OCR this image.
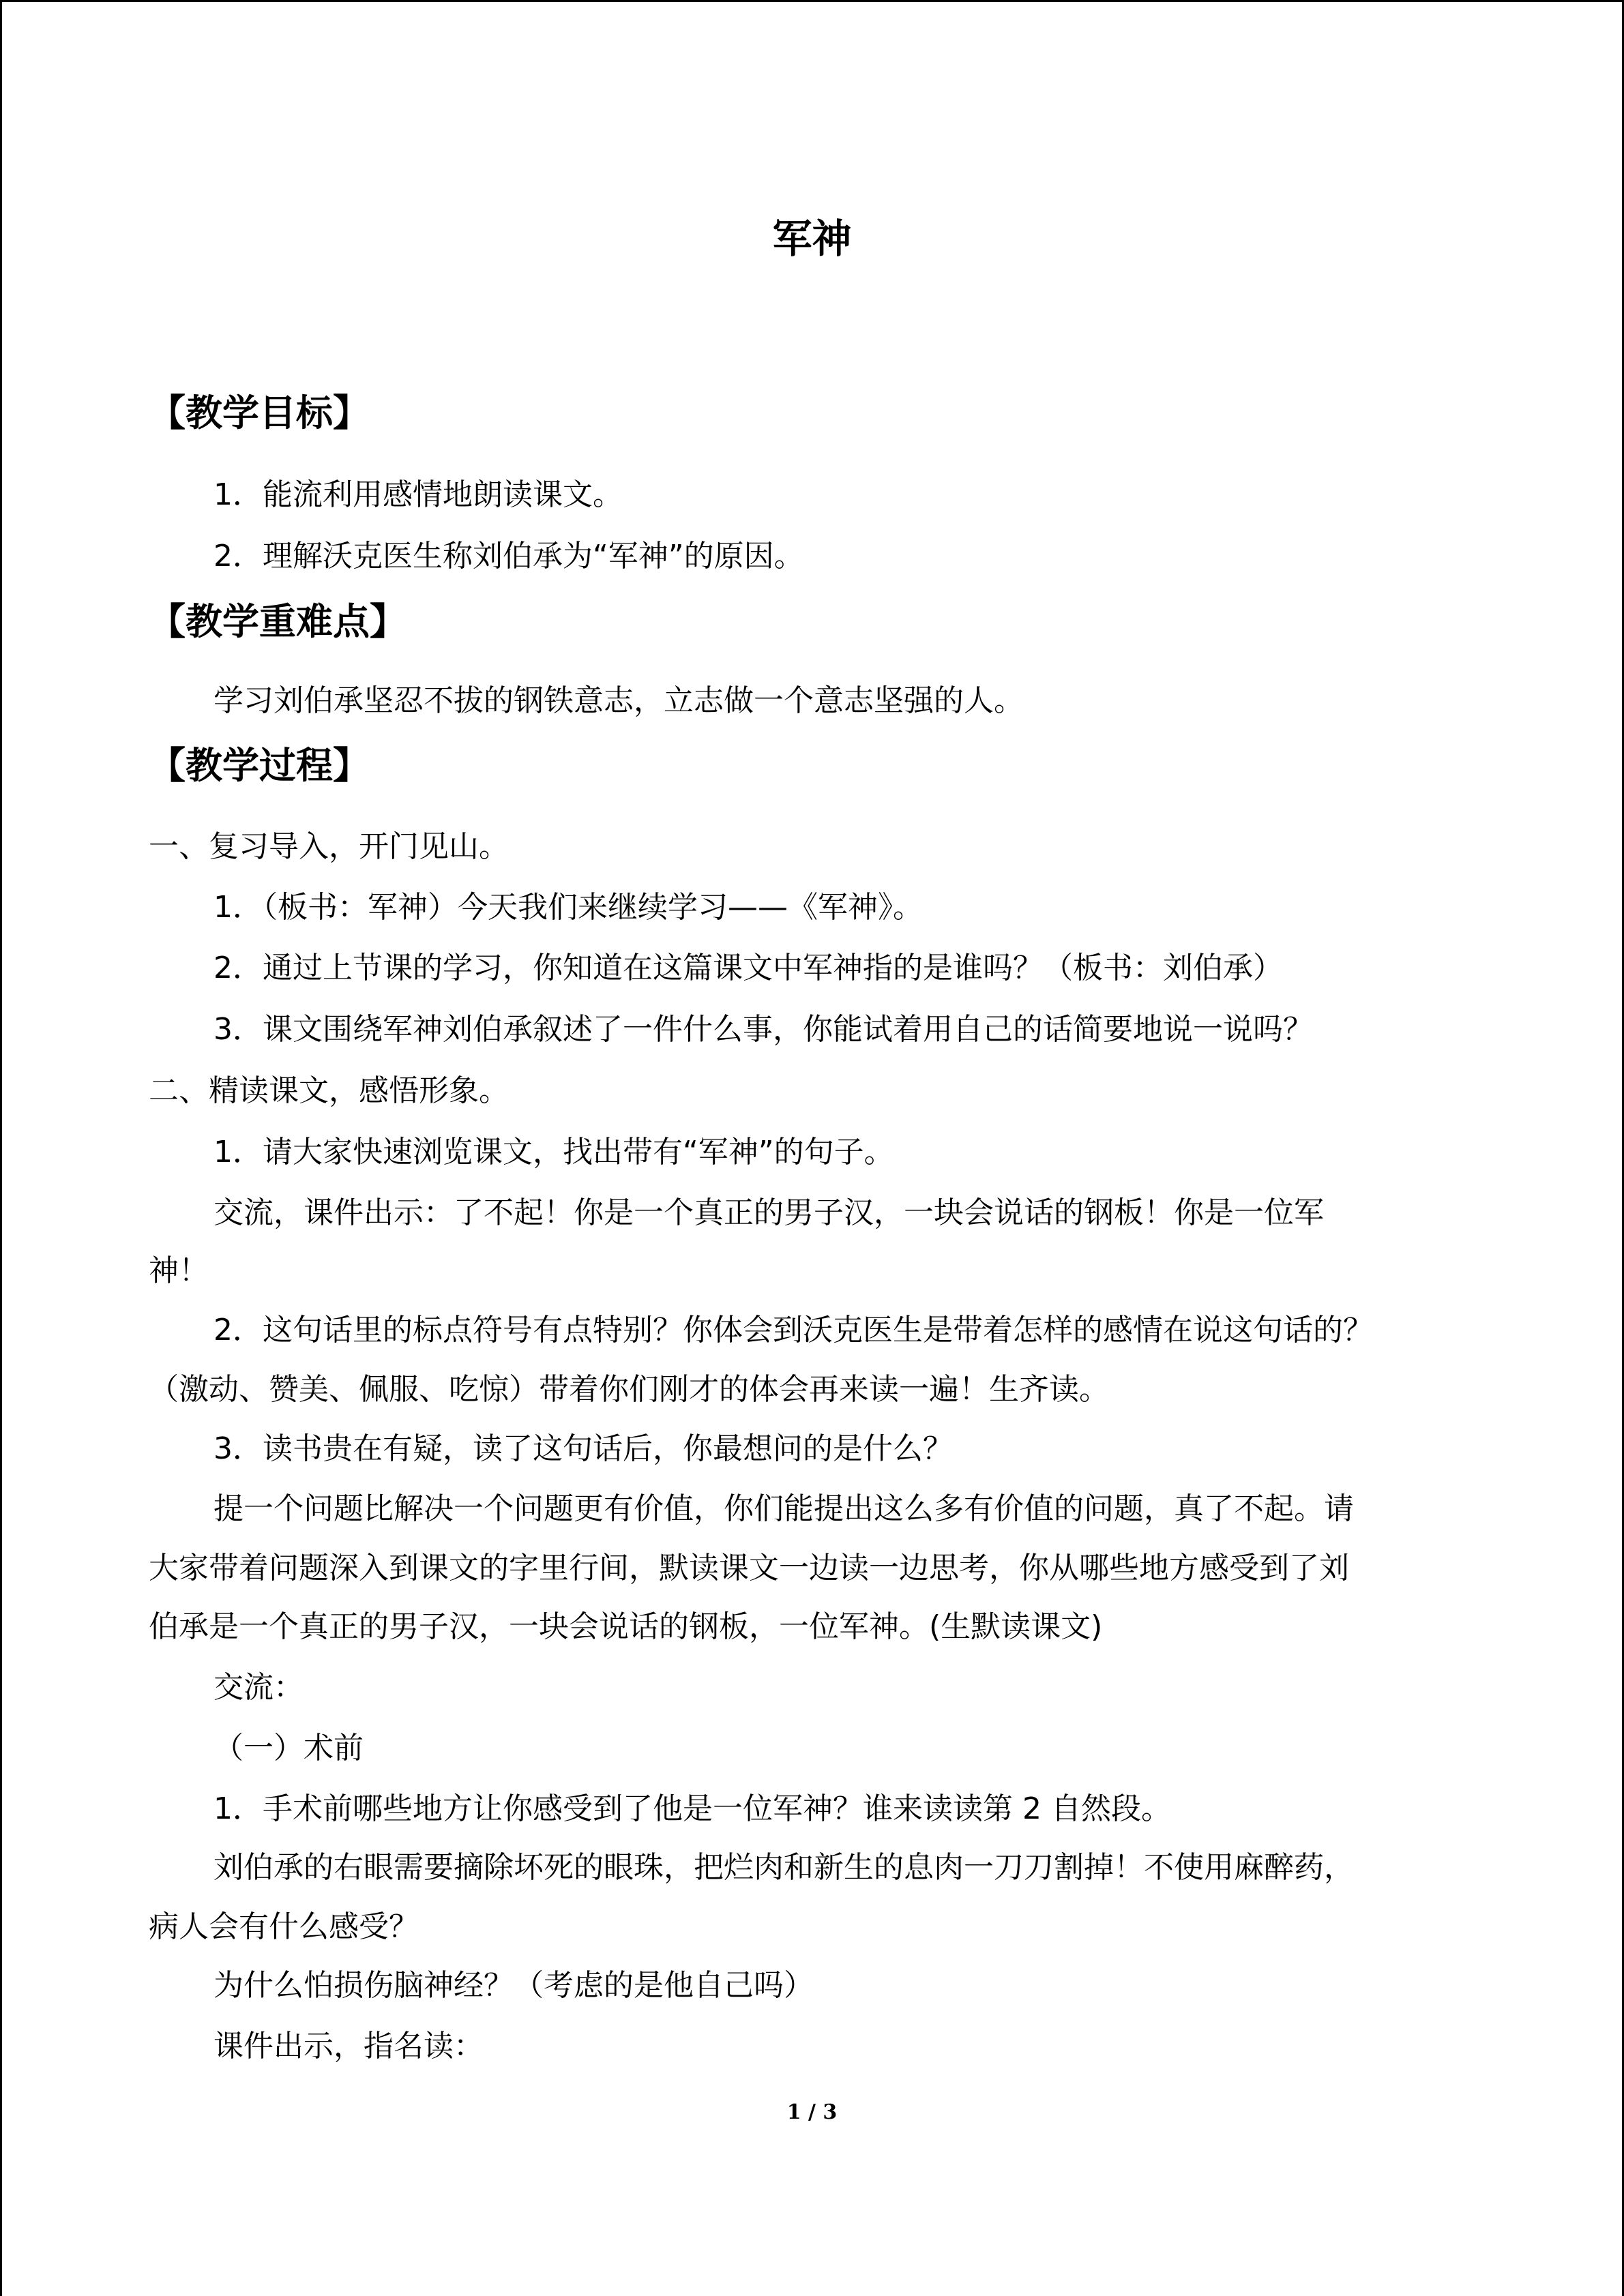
军神
【教学目标】
1．能流利用感情地朗读课文。
2．理解沃克医生称刘伯承为“军神”的原因。
【教学重难点】
学习刘伯承坚忍不拔的钢铁意志，立志做一个意志坚强的人。
【教学过程】
一、复习导入，开门见山。
1．（板书：军神）今天我们来继续学习——《军神》。
2．通过上节课的学习，你知道在这篇课文中军神指的是谁吗？（板书：刘伯承）
3．课文围绕军神刘伯承叙述了一件什么事，你能试着用自己的话简要地说一说吗？
二、精读课文，感悟形象。
1．请大家快速浏览课文，找出带有“军神”的句子。
交流，课件出示：了不起！你是一个真正的男子汉，一块会说话的钢板！你是一位军
神！
2．这句话里的标点符号有点特别？你体会到沃克医生是带着怎样的感情在说这句话的？
（激动、赞美、佩服、吃惊）带着你们刚才的体会再来读一遍！生齐读。
3．读书贵在有疑，读了这句话后，你最想问的是什么？
提一个问题比解决一个问题更有价值，你们能提出这么多有价值的问题，真了不起。请
大家带着问题深入到课文的字里行间，默读课文一边读一边思考，你从哪些地方感受到了刘
伯承是一个真正的男子汉，一块会说话的钢板，一位军神。(生默读课文)
交流：
（一）术前
1．手术前哪些地方让你感受到了他是一位军神？谁来读读第 2 自然段。
刘伯承的右眼需要摘除坏死的眼珠，把烂肉和新生的息肉一刀刀割掉！不使用麻醉药，
病人会有什么感受？
为什么怕损伤脑神经？（考虑的是他自己吗）
课件出示，指名读：
1 / 3
